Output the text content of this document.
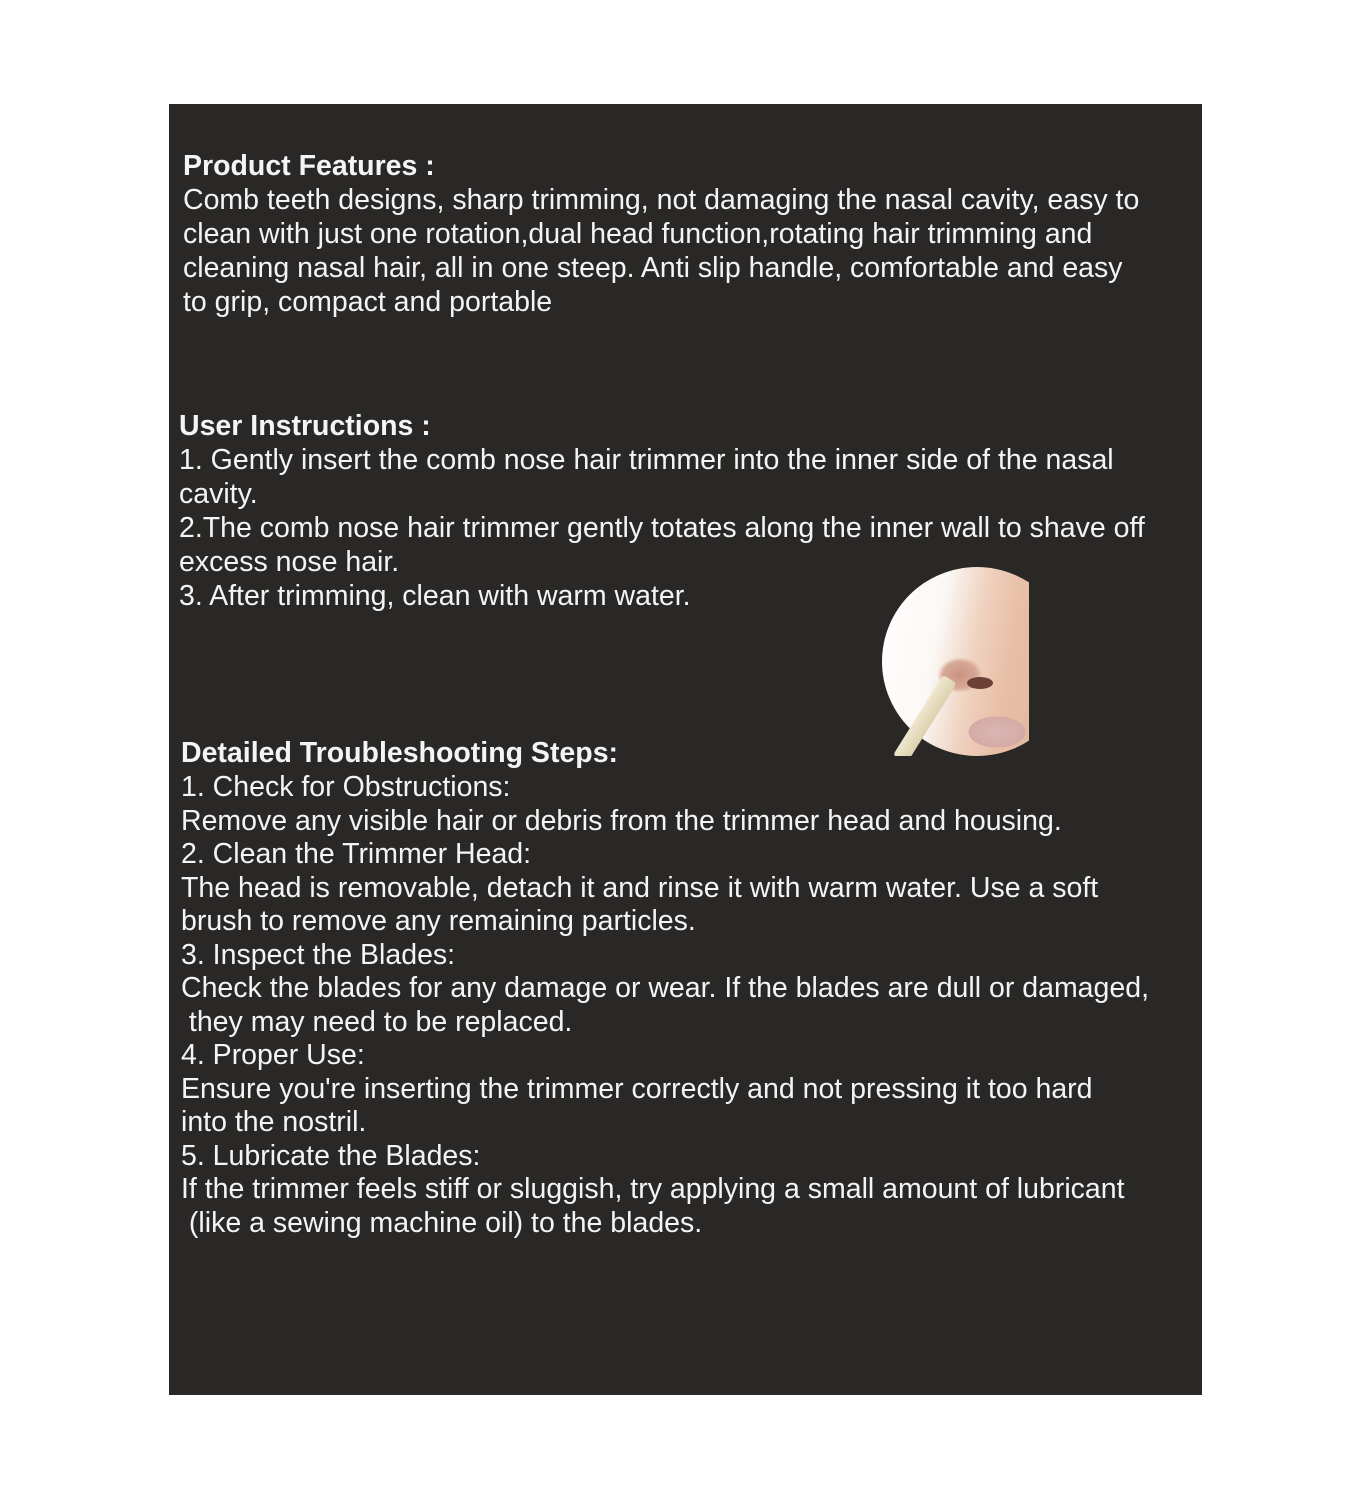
Product Features :

Comb teeth designs, sharp trimming, not damaging the nasal cavity, easy to

clean with just one rotation,dual head function,rotating hair trimming and

cleaning nasal hair, all in one steep. Anti slip handle, comfortable and easy

to grip, compact and portable

User Instructions :

1. Gently insert the comb nose hair trimmer into the inner side of the nasal

cavity.

2.The comb nose hair trimmer gently totates along the inner wall to shave off

excess nose hair.

3. After trimming, clean with warm water.

Detailed Troubleshooting Steps:

1. Check for Obstructions:

Remove any visible hair or debris from the trimmer head and housing.

2. Clean the Trimmer Head:

The head is removable, detach it and rinse it with warm water. Use a soft

brush to remove any remaining particles.

3. Inspect the Blades:

Check the blades for any damage or wear. If the blades are dull or damaged,

they may need to be replaced.

4. Proper Use:

Ensure you're inserting the trimmer correctly and not pressing it too hard

into the nostril.

5. Lubricate the Blades:

If the trimmer feels stiff or sluggish, try applying a small amount of lubricant

(like a sewing machine oil) to the blades.
